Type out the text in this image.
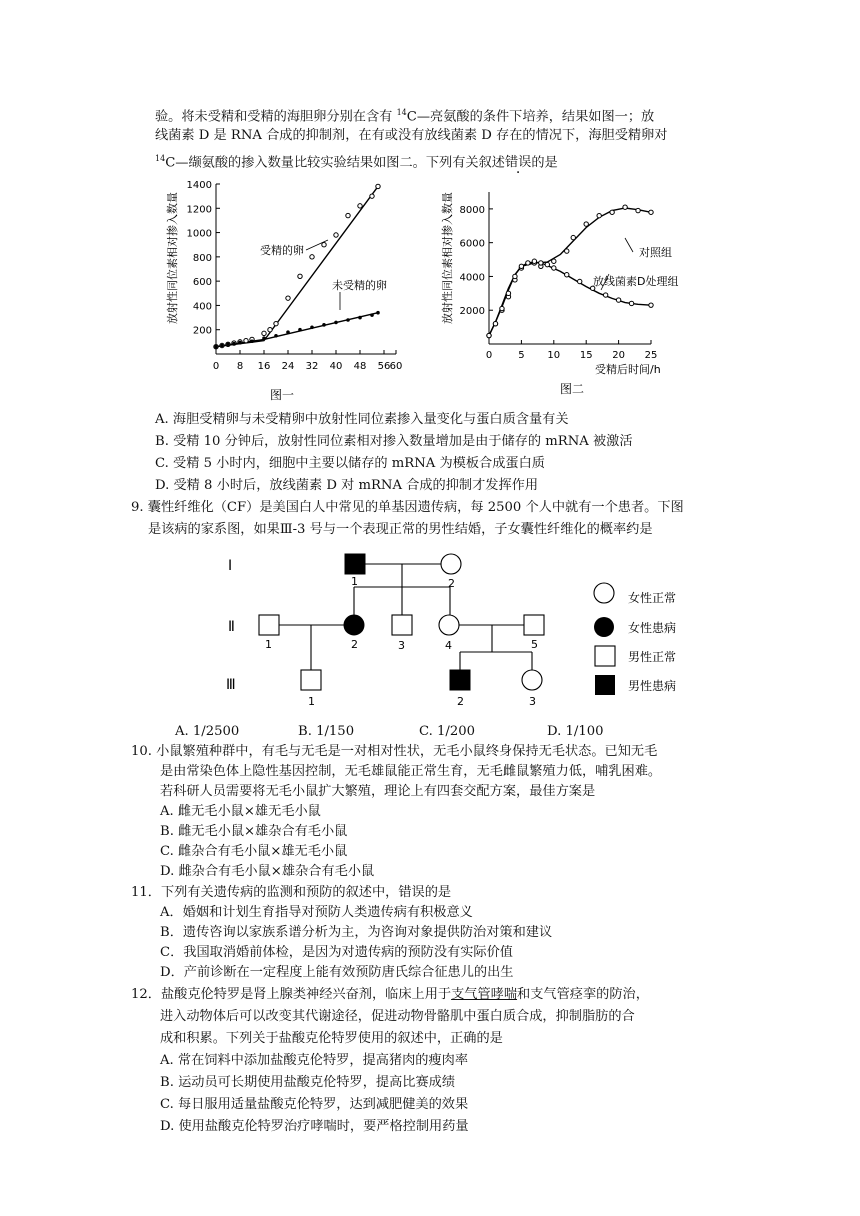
验。将未受精和受精的海胆卵分别在含有 $^{14}$C—亮氨酸的条件下培养，结果如图一；放
线菌素 D 是 RNA 合成的抑制剂，在有或没有放线菌素 D 存在的情况下，海胆受精卵对
$^{14}$C—缬氨酸的掺入数量比较实验结果如图二。下列有关叙述错误的是
200
400
600
800
1000
1200
1400
0 8 16 24 32 40 48 56 60
放射性同位素相对掺入数量	受精的卵
未受精的卵
图一
2000
4000
6000
8000
0	5 10 15 20 25
放射性同位素相对掺入数量	对照组
放线菌素D处理组
受精后时间/h
图二
A. 海胆受精卵与未受精卵中放射性同位素掺入量变化与蛋白质含量有关
B. 受精 10 分钟后，放射性同位素相对掺入数量增加是由于储存的 mRNA 被激活
C. 受精 5 小时内，细胞中主要以储存的 mRNA 为模板合成蛋白质
D. 受精 8 小时后，放线菌素 D 对 mRNA 合成的抑制才发挥作用
9. 囊性纤维化（CF）是美国白人中常见的单基因遗传病，每 2500 个人中就有一个患者。下图
是该病的家系图，如果Ⅲ-3 号与一个表现正常的男性结婚，子女囊性纤维化的概率约是
Ⅰ
Ⅱ
Ⅲ
1	2
1	2	3	4	5
1	2	3
女性正常
女性患病
男性正常
男性患病
A. 1/2500	B. 1/150	C. 1/200	D. 1/100
10. 小鼠繁殖种群中，有毛与无毛是一对相对性状，无毛小鼠终身保持无毛状态。已知无毛
是由常染色体上隐性基因控制，无毛雄鼠能正常生育，无毛雌鼠繁殖力低，哺乳困难。
若科研人员需要将无毛小鼠扩大繁殖，理论上有四套交配方案，最佳方案是
A. 雌无毛小鼠×雄无毛小鼠
B. 雌无毛小鼠×雄杂合有毛小鼠
C. 雌杂合有毛小鼠×雄无毛小鼠
D. 雌杂合有毛小鼠×雄杂合有毛小鼠
11．下列有关遗传病的监测和预防的叙述中，错误的是
A．婚姻和计划生育指导对预防人类遗传病有积极意义
B．遗传咨询以家族系谱分析为主，为咨询对象提供防治对策和建议
C．我国取消婚前体检，是因为对遗传病的预防没有实际价值
D．产前诊断在一定程度上能有效预防唐氏综合征患儿的出生
12．盐酸克伦特罗是肾上腺类神经兴奋剂，临床上用于支气管哮喘和支气管痉挛的防治，
进入动物体后可以改变其代谢途径，促进动物骨骼肌中蛋白质合成，抑制脂肪的合
成和积累。下列关于盐酸克伦特罗使用的叙述中，正确的是
A. 常在饲料中添加盐酸克伦特罗，提高猪肉的瘦肉率
B. 运动员可长期使用盐酸克伦特罗，提高比赛成绩
C. 每日服用适量盐酸克伦特罗，达到减肥健美的效果
D. 使用盐酸克伦特罗治疗哮喘时，要严格控制用药量
